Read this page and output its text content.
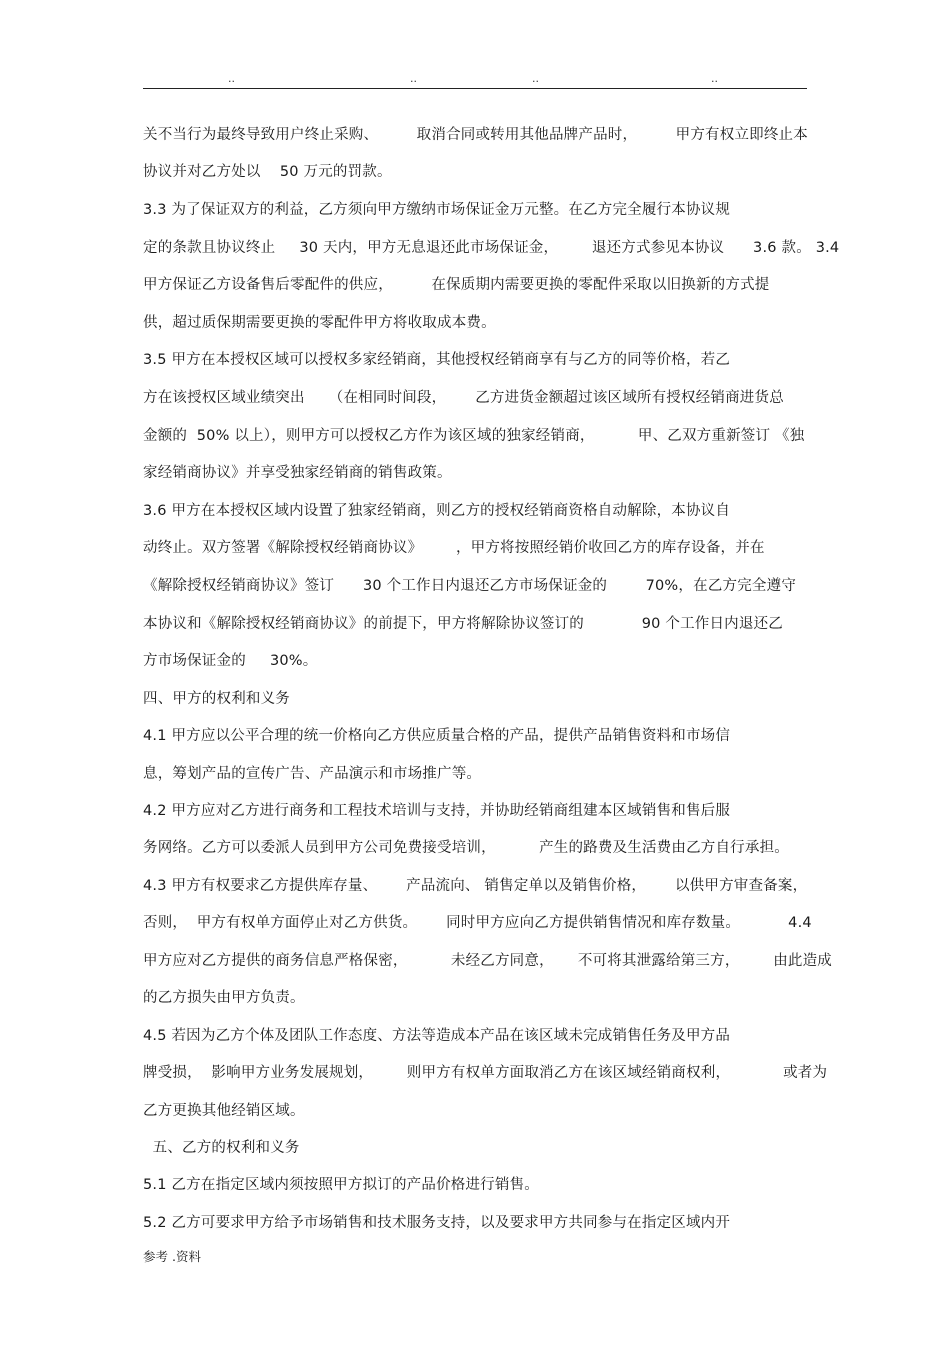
..	..	..	..
关不当行为最终导致用户终止采购、        取消合同或转用其他品牌产品时，        甲方有权立即终止本
协议并对乙方处以    50 万元的罚款。
3.3 为了保证双方的利益，乙方须向甲方缴纳市场保证金万元整。在乙方完全履行本协议规
定的条款且协议终止     30 天内，甲方无息退还此市场保证金，       退还方式参见本协议      3.6 款。 3.4
甲方保证乙方设备售后零配件的供应，        在保质期内需要更换的零配件采取以旧换新的方式提
供，超过质保期需要更换的零配件甲方将收取成本费。
3.5 甲方在本授权区域可以授权多家经销商，其他授权经销商享有与乙方的同等价格，若乙
方在该授权区域业绩突出     （在相同时间段，      乙方进货金额超过该区域所有授权经销商进货总
金额的  50% 以上），则甲方可以授权乙方作为该区域的独家经销商，         甲、乙双方重新签订 《独
家经销商协议》并享受独家经销商的销售政策。
3.6 甲方在本授权区域内设置了独家经销商，则乙方的授权经销商资格自动解除，本协议自
动终止。双方签署《解除授权经销商协议》       ，甲方将按照经销价收回乙方的库存设备，并在
《解除授权经销商协议》签订      30 个工作日内退还乙方市场保证金的        70%，在乙方完全遵守
本协议和《解除授权经销商协议》的前提下，甲方将解除协议签订的            90 个工作日内退还乙
方市场保证金的     30%。
四、甲方的权利和义务
4.1 甲方应以公平合理的统一价格向乙方供应质量合格的产品，提供产品销售资料和市场信
息，筹划产品的宣传广告、产品演示和市场推广等。
4.2 甲方应对乙方进行商务和工程技术培训与支持，并协助经销商组建本区域销售和售后服
务网络。乙方可以委派人员到甲方公司免费接受培训，         产生的路费及生活费由乙方自行承担。
4.3 甲方有权要求乙方提供库存量、      产品流向、 销售定单以及销售价格，      以供甲方审查备案，
否则，  甲方有权单方面停止对乙方供货。      同时甲方应向乙方提供销售情况和库存数量。          4.4
甲方应对乙方提供的商务信息严格保密，         未经乙方同意，     不可将其泄露给第三方，       由此造成
的乙方损失由甲方负责。
4.5 若因为乙方个体及团队工作态度、方法等造成本产品在该区域未完成销售任务及甲方品
牌受损，  影响甲方业务发展规划，       则甲方有权单方面取消乙方在该区域经销商权利，           或者为
乙方更换其他经销区域。
五、乙方的权利和义务
5.1 乙方在指定区域内须按照甲方拟订的产品价格进行销售。
5.2 乙方可要求甲方给予市场销售和技术服务支持，以及要求甲方共同参与在指定区域内开
参考 .资料
